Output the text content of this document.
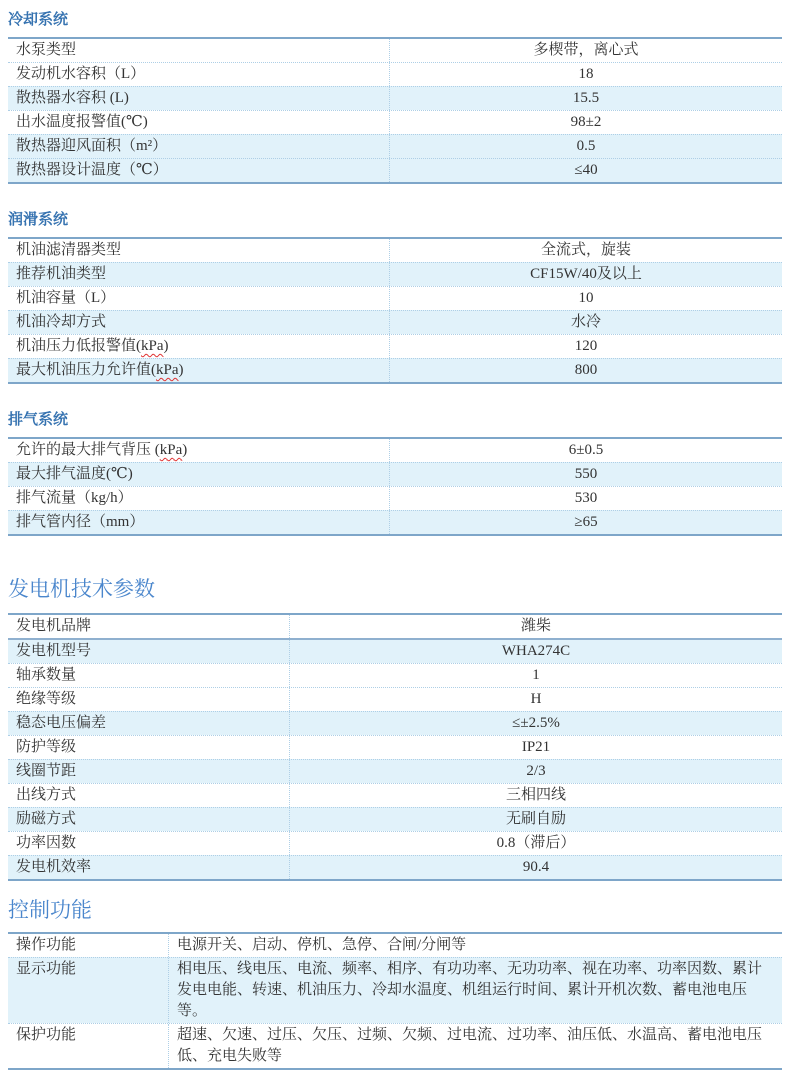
冷却系统
水泵类型	多楔带，离心式
发动机水容积（L）	18
散热器水容积 (L)	15.5
出水温度报警值(℃)	98±2
散热器迎风面积（m²）	0.5
散热器设计温度（℃）	≤40
润滑系统
机油滤清器类型	全流式，旋装
推荐机油类型	CF15W/40及以上
机油容量（L）	10
机油冷却方式	水冷
机油压力低报警值(kPa)	120
最大机油压力允许值(kPa)	800
排气系统
允许的最大排气背压 (kPa)	6±0.5
最大排气温度(℃)	550
排气流量（kg/h）	530
排气管内径（mm）	≥65
发电机技术参数
发电机品牌	潍柴
发电机型号	WHA274C
轴承数量	1
绝缘等级	H
稳态电压偏差	≤±2.5%
防护等级	IP21
线圈节距	2/3
出线方式	三相四线
励磁方式	无刷自励
功率因数	0.8（滞后）
发电机效率	90.4
控制功能
操作功能	电源开关、启动、停机、急停、合闸/分闸等
显示功能	相电压、线电压、电流、频率、相序、有功功率、无功功率、视在功率、功率因数、累计发电电能、转速、机油压力、冷却水温度、机组运行时间、累计开机次数、蓄电池电压等。
保护功能	超速、欠速、过压、欠压、过频、欠频、过电流、过功率、油压低、水温高、蓄电池电压低、充电失败等
